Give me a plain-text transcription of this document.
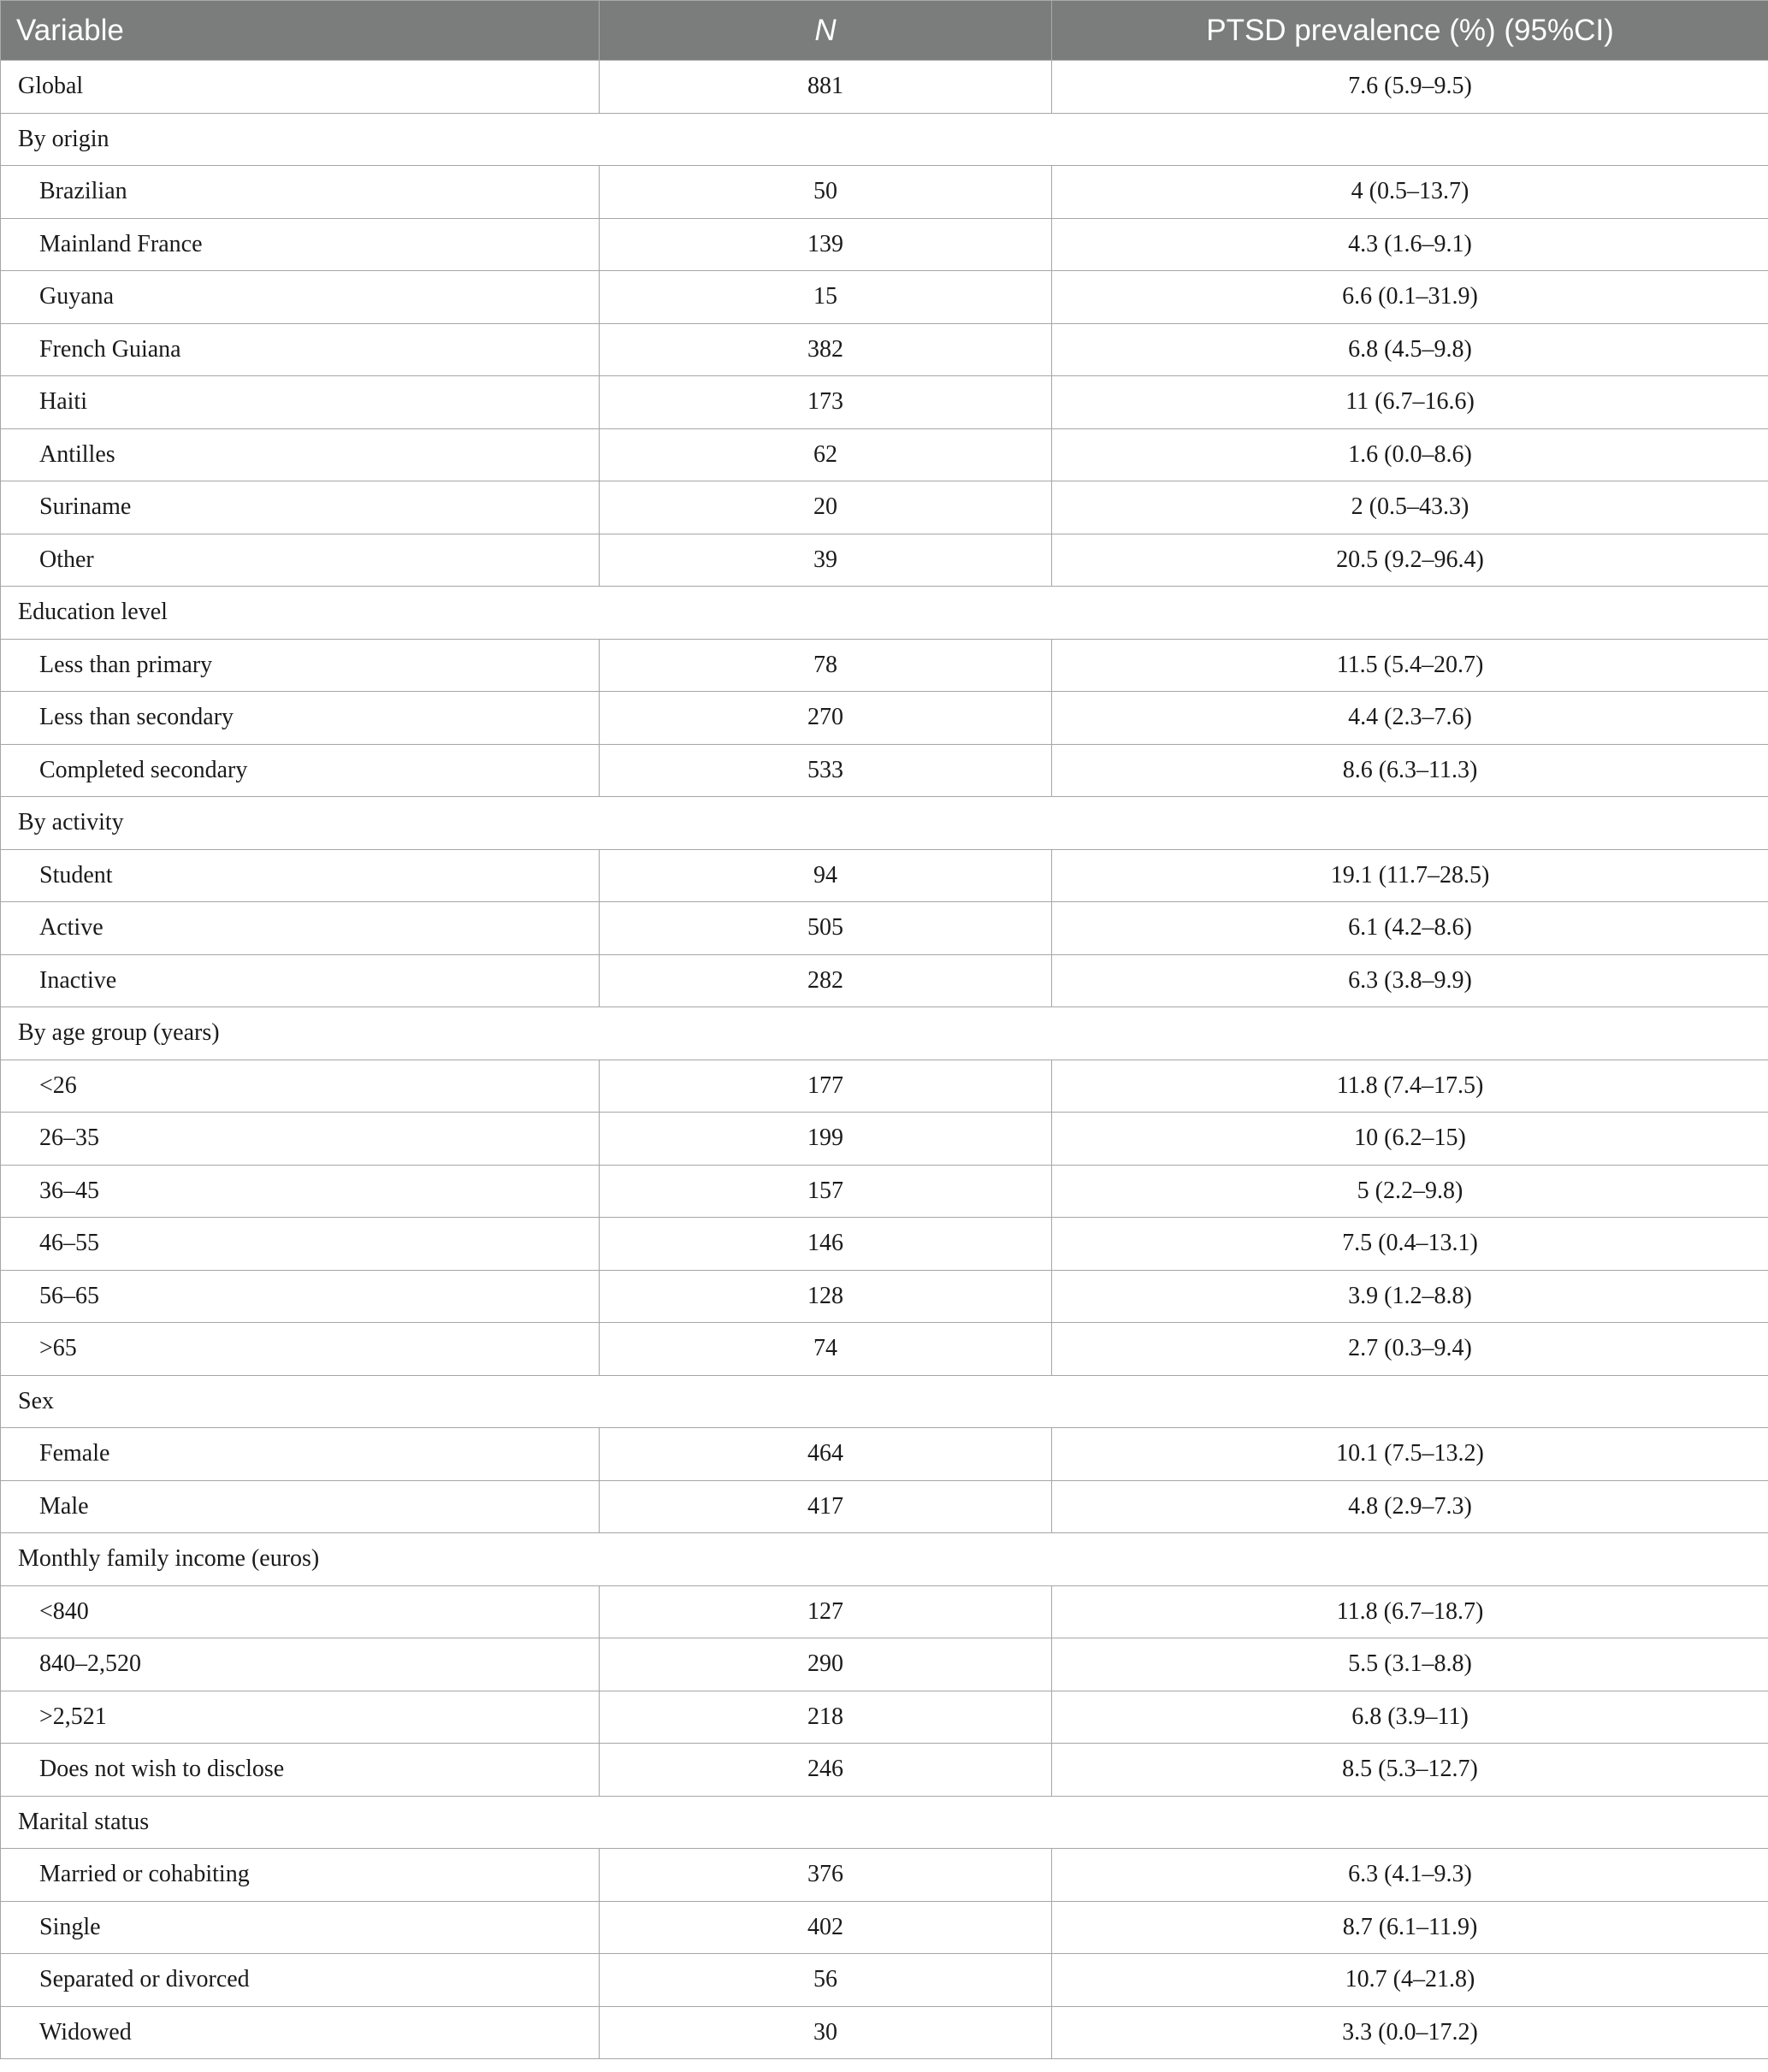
Variable	N	PTSD prevalence (%) (95%CI)
Global	881	7.6 (5.9–9.5)
By origin		
Brazilian	50	4 (0.5–13.7)
Mainland France	139	4.3 (1.6–9.1)
Guyana	15	6.6 (0.1–31.9)
French Guiana	382	6.8 (4.5–9.8)
Haiti	173	11 (6.7–16.6)
Antilles	62	1.6 (0.0–8.6)
Suriname	20	2 (0.5–43.3)
Other	39	20.5 (9.2–96.4)
Education level		
Less than primary	78	11.5 (5.4–20.7)
Less than secondary	270	4.4 (2.3–7.6)
Completed secondary	533	8.6 (6.3–11.3)
By activity		
Student	94	19.1 (11.7–28.5)
Active	505	6.1 (4.2–8.6)
Inactive	282	6.3 (3.8–9.9)
By age group (years)		
<26	177	11.8 (7.4–17.5)
26–35	199	10 (6.2–15)
36–45	157	5 (2.2–9.8)
46–55	146	7.5 (0.4–13.1)
56–65	128	3.9 (1.2–8.8)
>65	74	2.7 (0.3–9.4)
Sex		
Female	464	10.1 (7.5–13.2)
Male	417	4.8 (2.9–7.3)
Monthly family income (euros)		
<840	127	11.8 (6.7–18.7)
840–2,520	290	5.5 (3.1–8.8)
>2,521	218	6.8 (3.9–11)
Does not wish to disclose	246	8.5 (5.3–12.7)
Marital status		
Married or cohabiting	376	6.3 (4.1–9.3)
Single	402	8.7 (6.1–11.9)
Separated or divorced	56	10.7 (4–21.8)
Widowed	30	3.3 (0.0–17.2)
